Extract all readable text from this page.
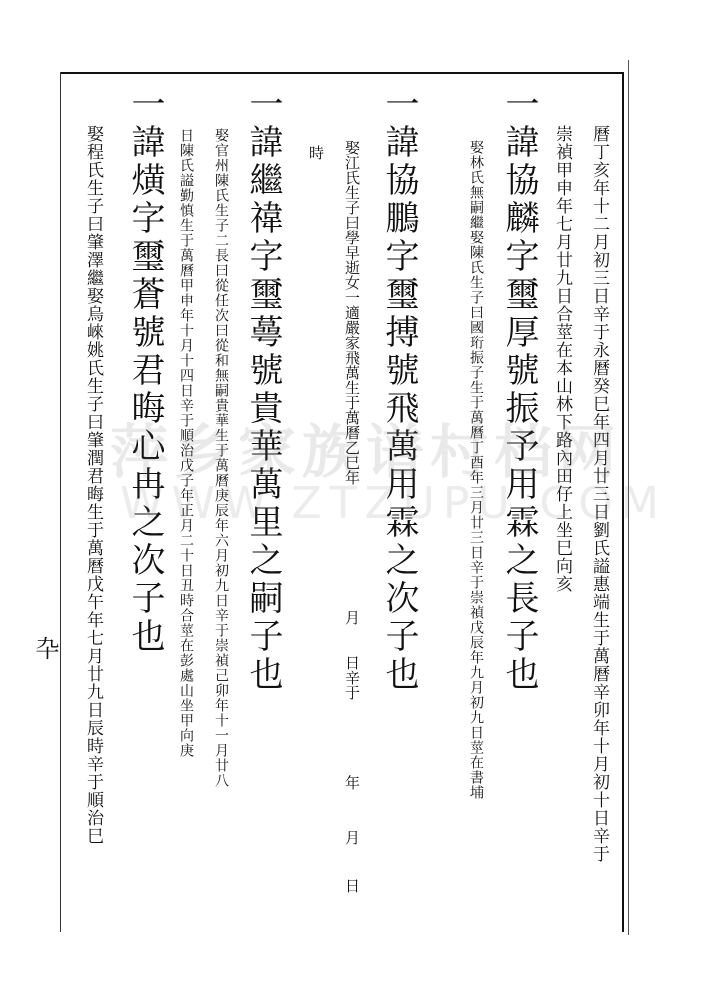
曆丁亥年十二月初三日辛于永曆癸巳年四月廿三日劉氏謚惠端生于萬曆辛卯年十月初十日辛于
崇禎甲申年七月廿九日合莖在本山林下路內田仔上坐巳向亥
一諱協麟字璽厚號振予用霖之長子也
娶林氏無嗣繼娶陳氏生子曰國珩振子生于萬曆丁酉年三月廿三日辛于崇禎戊辰年九月初九日莖在書埔
一諱協鵬字璽搏號飛萬用霖之次子也
娶江氏生子曰學早逝女一適嚴家飛萬生于萬曆乙巳年
月
日辛于
年
月
日
時
一諱繼禕字璽蕚號貴華萬里之嗣子也
娶官州陳氏生子二長曰從任次曰從和無嗣貴華生于萬曆庚辰年六月初九日辛于崇禎己卯年十一月廿八
日陳氏謚勤慎生于萬曆甲申年十月十四日辛于順治戊子年正月二十日丑時合莖在彭處山坐甲向庚
一諱熿字璽蒼號君晦心冉之次子也
娶程氏生子曰肇澤繼娶烏崍姚氏生子曰肇潤君晦生于萬曆戊午年七月廿九日辰時辛于順治巳
卆
萍乡家族谱村档网
WWW.ZTZUPU.COM
